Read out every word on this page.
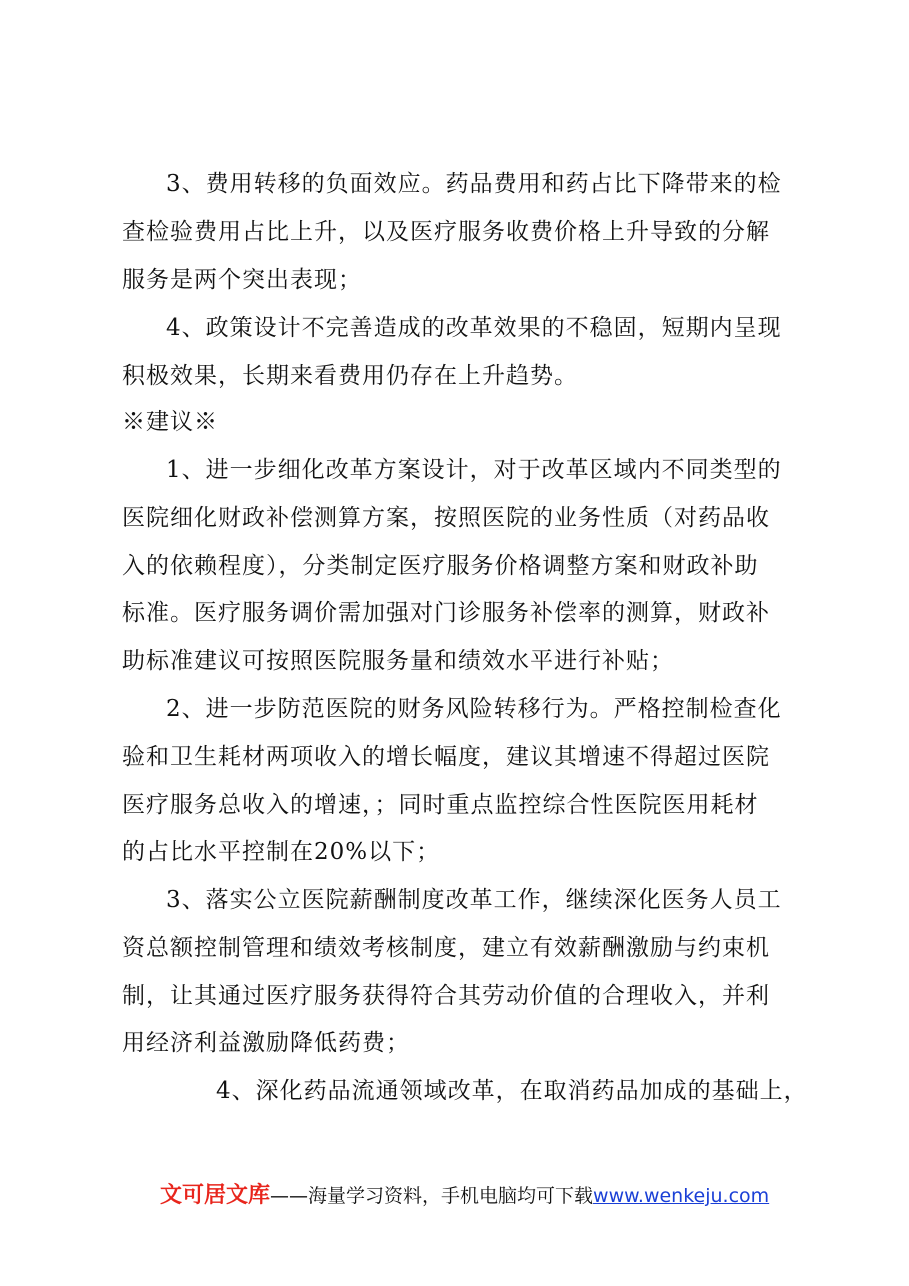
3、费用转移的负面效应。药品费用和药占比下降带来的检
查检验费用占比上升，以及医疗服务收费价格上升导致的分解
服务是两个突出表现；
4、政策设计不完善造成的改革效果的不稳固，短期内呈现
积极效果，长期来看费用仍存在上升趋势。
※建议※
1、进一步细化改革方案设计，对于改革区域内不同类型的
医院细化财政补偿测算方案，按照医院的业务性质（对药品收
入的依赖程度），分类制定医疗服务价格调整方案和财政补助
标准。医疗服务调价需加强对门诊服务补偿率的测算，财政补
助标准建议可按照医院服务量和绩效水平进行补贴；
2、进一步防范医院的财务风险转移行为。严格控制检查化
验和卫生耗材两项收入的增长幅度，建议其增速不得超过医院
医疗服务总收入的增速，；同时重点监控综合性医院医用耗材
的占比水平控制在20%以下；
3、落实公立医院薪酬制度改革工作，继续深化医务人员工
资总额控制管理和绩效考核制度，建立有效薪酬激励与约束机
制，让其通过医疗服务获得符合其劳动价值的合理收入，并利
用经济利益激励降低药费；
4、深化药品流通领域改革，在取消药品加成的基础上，
文可居文库——海量学习资料，手机电脑均可下载www.wenkeju.com
